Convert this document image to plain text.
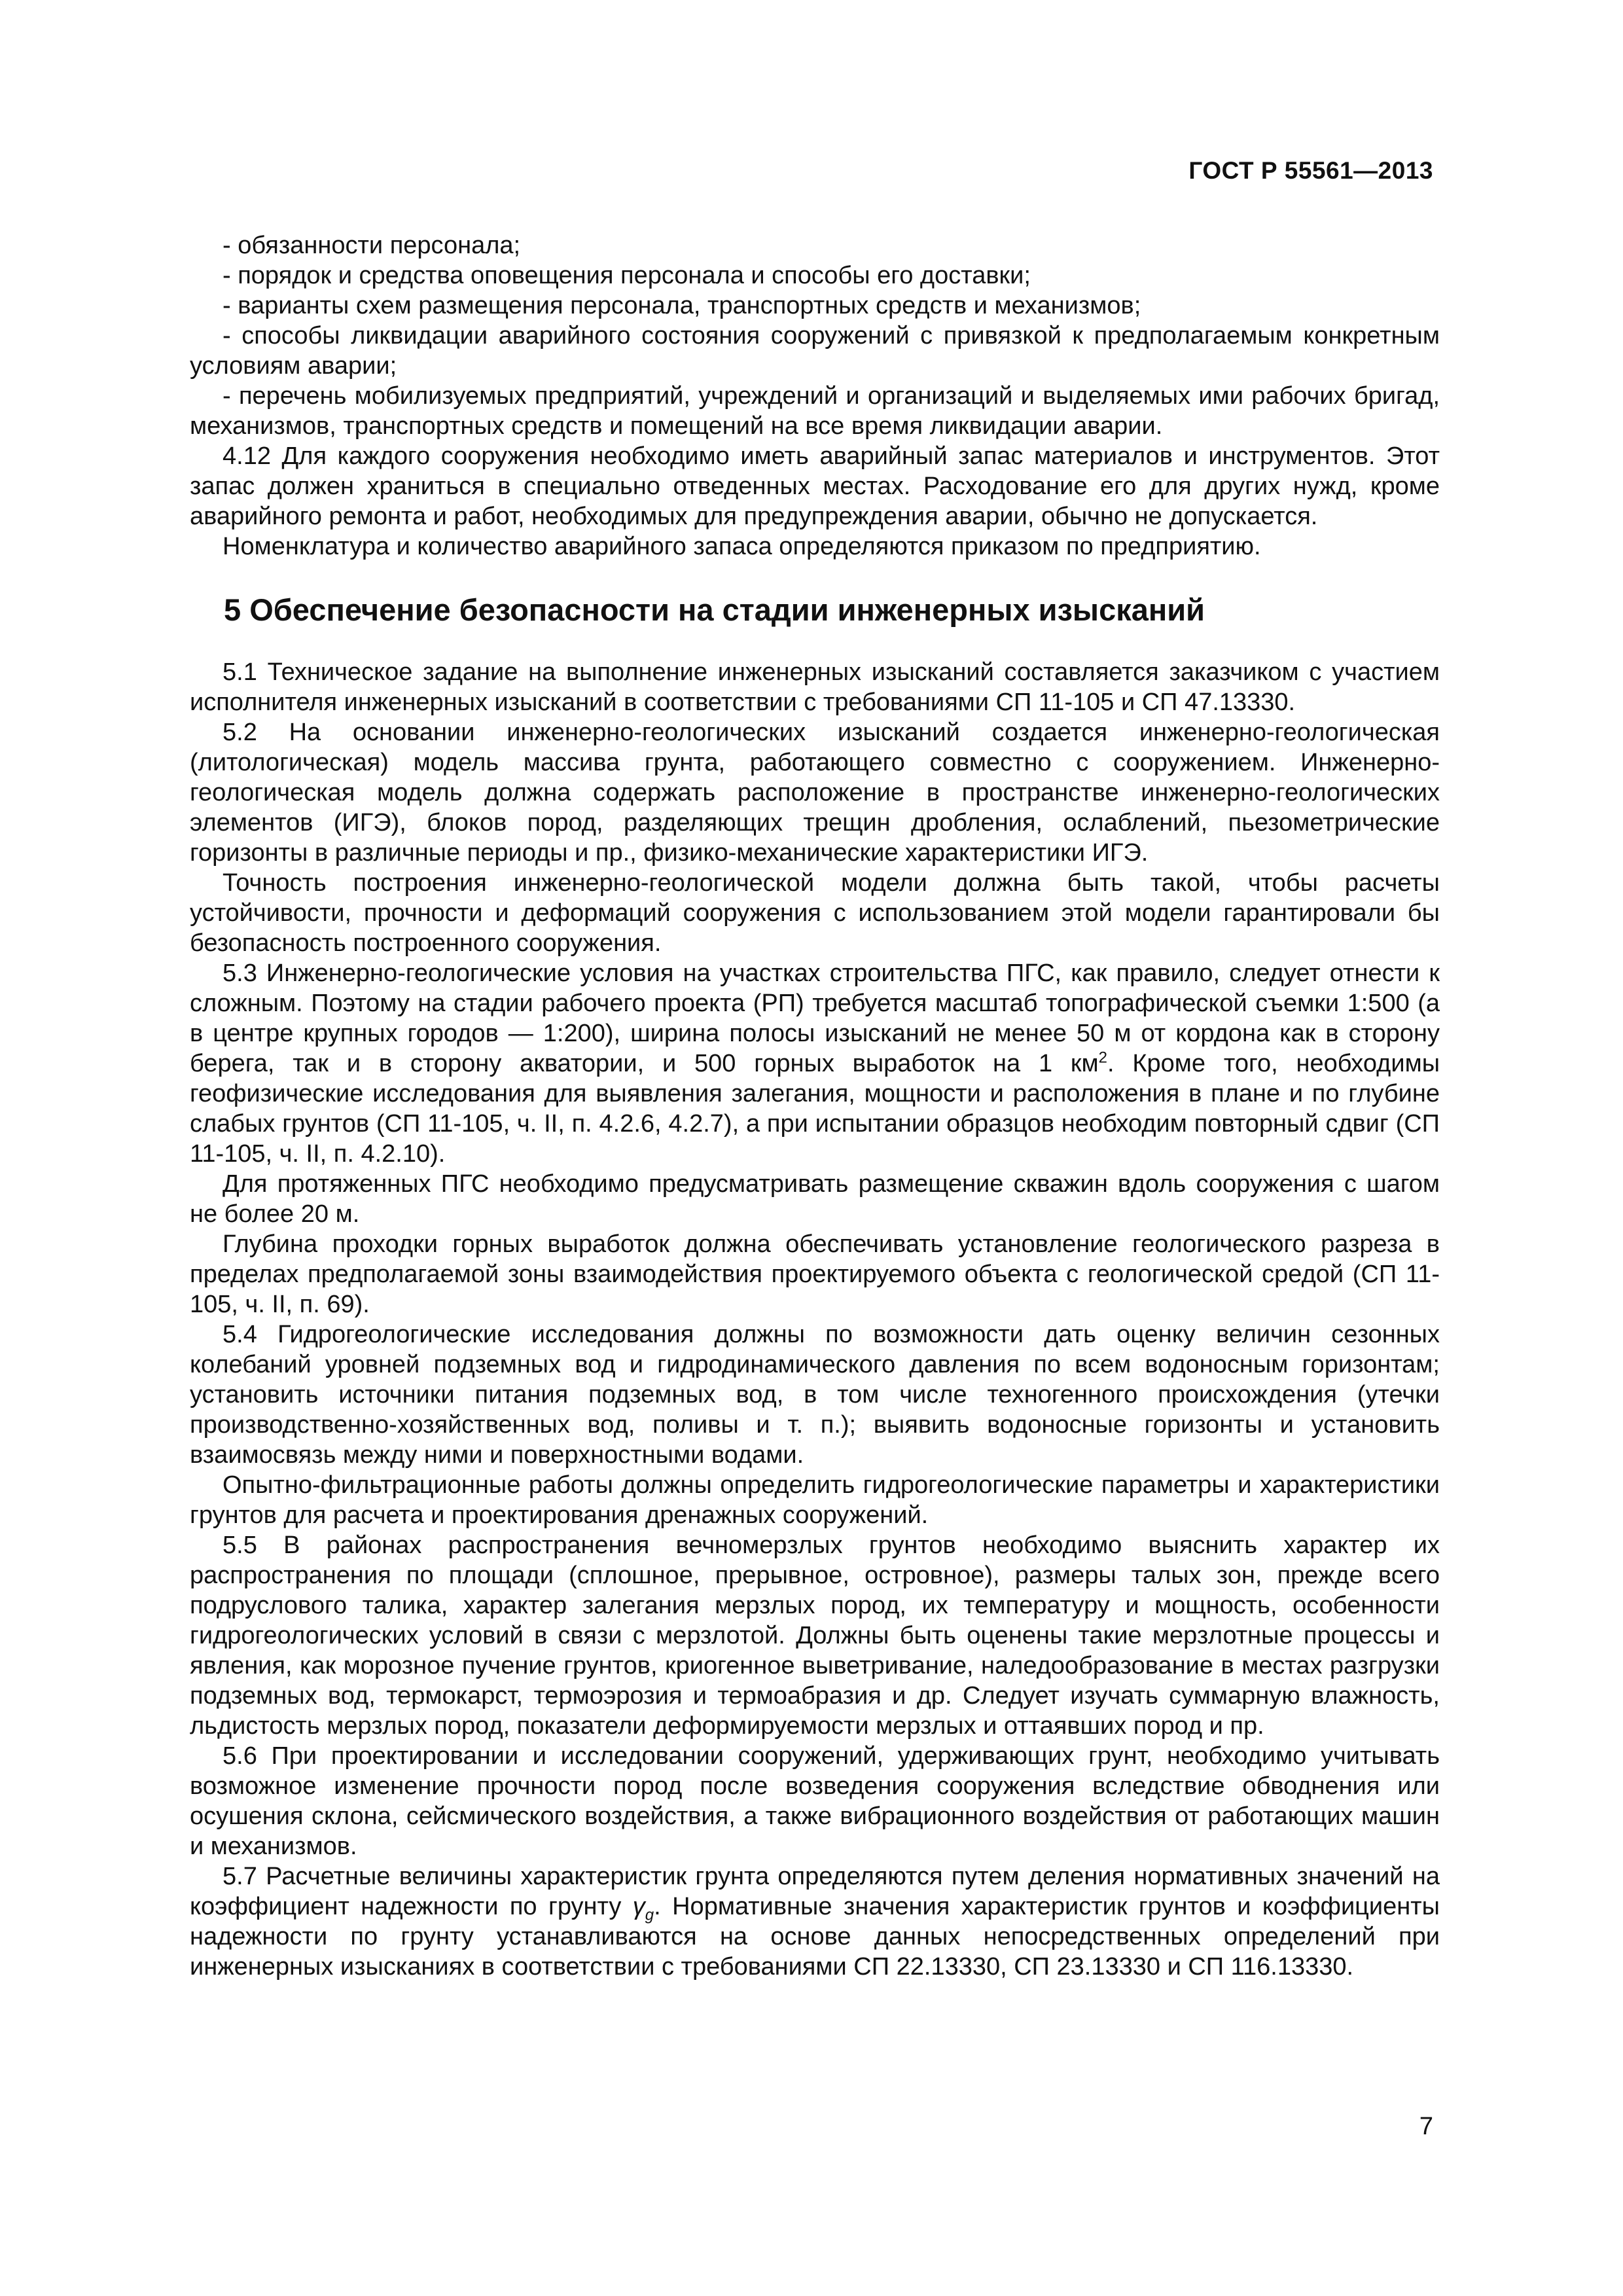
ГОСТ Р 55561—2013

- обязанности персонала;

- порядок и средства оповещения персонала и способы его доставки;

- варианты схем размещения персонала, транспортных средств и механизмов;

- способы ликвидации аварийного состояния сооружений с привязкой к предполагаемым конкретным условиям аварии;

- перечень мобилизуемых предприятий, учреждений и организаций и выделяемых ими рабочих бригад, механизмов, транспортных средств и помещений на все время ликвидации аварии.

4.12 Для каждого сооружения необходимо иметь аварийный запас материалов и инструментов. Этот запас должен храниться в специально отведенных местах. Расходование его для других нужд, кроме аварийного ремонта и работ, необходимых для предупреждения аварии, обычно не допускается.

Номенклатура и количество аварийного запаса определяются приказом по предприятию.

5 Обеспечение безопасности на стадии инженерных изысканий

5.1 Техническое задание на выполнение инженерных изысканий составляется заказчиком с участием исполнителя инженерных изысканий в соответствии с требованиями СП 11-105 и СП 47.13330.

5.2 На основании инженерно-геологических изысканий создается инженерно-геологическая (литологическая) модель массива грунта, работающего совместно с сооружением. Инженерно-геологическая модель должна содержать расположение в пространстве инженерно-геологических элементов (ИГЭ), блоков пород, разделяющих трещин дробления, ослаблений, пьезометрические горизонты в различные периоды и пр., физико-механические характеристики ИГЭ.

Точность построения инженерно-геологической модели должна быть такой, чтобы расчеты устойчивости, прочности и деформаций сооружения с использованием этой модели гарантировали бы безопасность построенного сооружения.

5.3 Инженерно-геологические условия на участках строительства ПГС, как правило, следует отнести к сложным. Поэтому на стадии рабочего проекта (РП) требуется масштаб топографической съемки 1:500 (а в центре крупных городов — 1:200), ширина полосы изысканий не менее 50 м от кордона как в сторону берега, так и в сторону акватории, и 500 горных выработок на 1 $км^2$. Кроме того, необходимы геофизические исследования для выявления залегания, мощности и расположения в плане и по глубине слабых грунтов (СП 11-105, ч. II, п. 4.2.6, 4.2.7), а при испытании образцов необходим повторный сдвиг (СП 11-105, ч. II, п. 4.2.10).

Для протяженных ПГС необходимо предусматривать размещение скважин вдоль сооружения с шагом не более 20 м.

Глубина проходки горных выработок должна обеспечивать установление геологического разреза в пределах предполагаемой зоны взаимодействия проектируемого объекта с геологической средой (СП 11-105, ч. II, п. 69).

5.4 Гидрогеологические исследования должны по возможности дать оценку величин сезонных колебаний уровней подземных вод и гидродинамического давления по всем водоносным горизонтам; установить источники питания подземных вод, в том числе техногенного происхождения (утечки производственно-хозяйственных вод, поливы и т. п.); выявить водоносные горизонты и установить взаимосвязь между ними и поверхностными водами.

Опытно-фильтрационные работы должны определить гидрогеологические параметры и характеристики грунтов для расчета и проектирования дренажных сооружений.

5.5 В районах распространения вечномерзлых грунтов необходимо выяснить характер их распространения по площади (сплошное, прерывное, островное), размеры талых зон, прежде всего подруслового талика, характер залегания мерзлых пород, их температуру и мощность, особенности гидрогеологических условий в связи с мерзлотой. Должны быть оценены такие мерзлотные процессы и явления, как морозное пучение грунтов, криогенное выветривание, наледообразование в местах разгрузки подземных вод, термокарст, термоэрозия и термоабразия и др. Следует изучать суммарную влажность, льдистость мерзлых пород, показатели деформируемости мерзлых и оттаявших пород и пр.

5.6 При проектировании и исследовании сооружений, удерживающих грунт, необходимо учитывать возможное изменение прочности пород после возведения сооружения вследствие обводнения или осушения склона, сейсмического воздействия, а также вибрационного воздействия от работающих машин и механизмов.

5.7 Расчетные величины характеристик грунта определяются путем деления нормативных значений на коэффициент надежности по грунту $\gamma_g$. Нормативные значения характеристик грунтов и коэффициенты надежности по грунту устанавливаются на основе данных непосредственных определений при инженерных изысканиях в соответствии с требованиями СП 22.13330, СП 23.13330 и СП 116.13330.

7
